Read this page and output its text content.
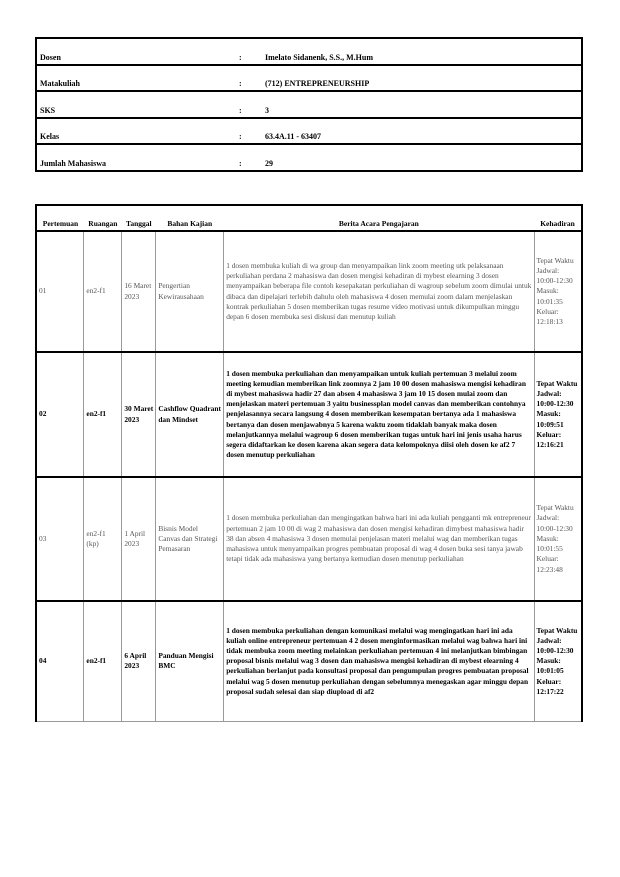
Dosen	:	Imelato Sidanenk, S.S., M.Hum
Matakuliah	:	(712) ENTREPRENEURSHIP
SKS	:	3
Kelas	:	63.4A.11 - 63407
Jumlah Mahasiswa	:	29
Pertemuan	Ruangan	Tanggal	Bahan Kajian	Berita Acara Pengajaran	Kehadiran
01	en2-f1	16 Maret 2023	Pengertian Kewirausahaan	1 dosen membuka kuliah di wa group dan menyampaikan link zoom meeting utk pelaksanaan perkuliahan perdana 2 mahasiswa dan dosen mengisi kehadiran di mybest elearning 3 dosen menyampaikan beberapa file contoh kesepakatan perkuliahan di wagroup sebelum zoom dimulai untuk dibaca dan dipelajari terlebih dahulu oleh mahasiswa 4 dosen memulai zoom dalam menjelaskan kontrak perkuliahan 5 dosen memberikan tugas resume video motivasi untuk dikumpulkan minggu depan 6 dosen membuka sesi diskusi dan menutup kuliah	Tepat Waktu Jadwal: 10:00-12:30 Masuk: 10:01:35 Keluar: 12:18:13
02	en2-f1	30 Maret 2023	Cashflow Quadrant dan Mindset	1 dosen membuka perkuliahan dan menyampaikan untuk kuliah pertemuan 3 melalui zoom meeting kemudian memberikan link zoomnya 2 jam 10 00 dosen mahasiswa mengisi kehadiran di mybest mahasiswa hadir 27 dan absen 4 mahasiswa 3 jam 10 15 dosen mulai zoom dan menjelaskan materi pertemuan 3 yaitu businessplan model canvas dan memberikan contohnya penjelasannya secara langsung 4 dosen memberikan kesempatan bertanya ada 1 mahasiswa bertanya dan dosen menjawabnya 5 karena waktu zoom tidaklah banyak maka dosen melanjutkannya melalui wagroup 6 dosen memberikan tugas untuk hari ini jenis usaha harus segera didaftarkan ke dosen karena akan segera data kelompoknya diisi oleh dosen ke af2 7 dosen menutup perkuliahan	Tepat Waktu Jadwal: 10:00-12:30 Masuk: 10:09:51 Keluar: 12:16:21
03	en2-f1 (kp)	1 April 2023	Bisnis Model Canvas dan Strategi Pemasaran	1 dosen membuka perkuliahan dan mengingatkan bahwa hari ini ada kuliah pengganti mk entrepreneur pertemuan 2 jam 10 00 di wag 2 mahasiswa dan dosen mengisi kehadiran dimybest mahasiswa hadir 38 dan absen 4 mahasiswa 3 dosen memulai penjelasan materi melalui wag dan memberikan tugas mahasiswa untuk menyampaikan progres pembuatan proposal di wag 4 dosen buka sesi tanya jawab tetapi tidak ada mahasiswa yang bertanya kemudian dosen menutup perkuliahan	Tepat Waktu Jadwal: 10:00-12:30 Masuk: 10:01:55 Keluar: 12:23:48
04	en2-f1	6 April 2023	Panduan Mengisi BMC	1 dosen membuka perkuliahan dengan komunikasi melalui wag mengingatkan hari ini ada kuliah online entrepreneur pertemuan 4 2 dosen menginformasikan melalui wag bahwa hari ini tidak membuka zoom meeting melainkan perkuliahan pertemuan 4 ini melanjutkan bimbingan proposal bisnis melalui wag 3 dosen dan mahasiswa mengisi kehadiran di mybest elearning 4 perkuliahan berlanjut pada konsultasi proposal dan pengumpulan progres pembuatan proposal melalui wag 5 dosen menutup perkuliahan dengan sebelumnya menegaskan agar minggu depan proposal sudah selesai dan siap diupload di af2	Tepat Waktu Jadwal: 10:00-12:30 Masuk: 10:01:05 Keluar: 12:17:22
